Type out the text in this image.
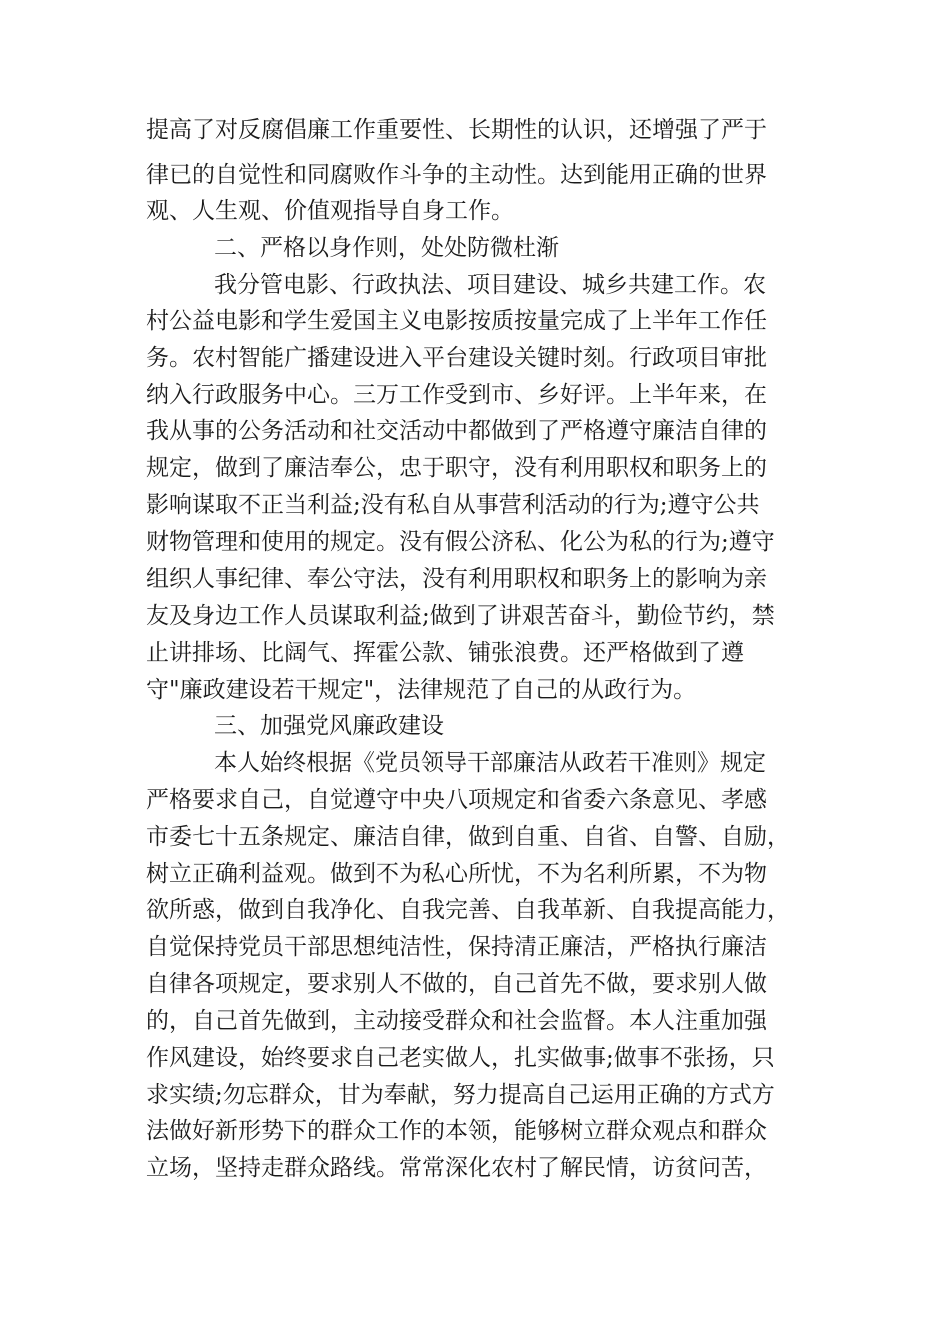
提高了对反腐倡廉工作重要性、长期性的认识，还增强了严于
律已的自觉性和同腐败作斗争的主动性。达到能用正确的世界
观、人生观、价值观指导自身工作。
二、严格以身作则，处处防微杜渐
我分管电影、行政执法、项目建设、城乡共建工作。农
村公益电影和学生爱国主义电影按质按量完成了上半年工作任
务。农村智能广播建设进入平台建设关键时刻。行政项目审批
纳入行政服务中心。三万工作受到市、乡好评。上半年来，在
我从事的公务活动和社交活动中都做到了严格遵守廉洁自律的
规定，做到了廉洁奉公，忠于职守，没有利用职权和职务上的
影响谋取不正当利益;没有私自从事营利活动的行为;遵守公共
财物管理和使用的规定。没有假公济私、化公为私的行为;遵守
组织人事纪律、奉公守法，没有利用职权和职务上的影响为亲
友及身边工作人员谋取利益;做到了讲艰苦奋斗，勤俭节约，禁
止讲排场、比阔气、挥霍公款、铺张浪费。还严格做到了遵
守"廉政建设若干规定"，法律规范了自己的从政行为。
三、加强党风廉政建设
本人始终根据《党员领导干部廉洁从政若干准则》规定
严格要求自己，自觉遵守中央八项规定和省委六条意见、孝感
市委七十五条规定、廉洁自律，做到自重、自省、自警、自励，
树立正确利益观。做到不为私心所忧，不为名利所累，不为物
欲所惑，做到自我净化、自我完善、自我革新、自我提高能力，
自觉保持党员干部思想纯洁性，保持清正廉洁，严格执行廉洁
自律各项规定，要求别人不做的，自己首先不做，要求别人做
的，自己首先做到，主动接受群众和社会监督。本人注重加强
作风建设，始终要求自己老实做人，扎实做事;做事不张扬，只
求实绩;勿忘群众，甘为奉献，努力提高自己运用正确的方式方
法做好新形势下的群众工作的本领，能够树立群众观点和群众
立场，坚持走群众路线。常常深化农村了解民情，访贫问苦，
